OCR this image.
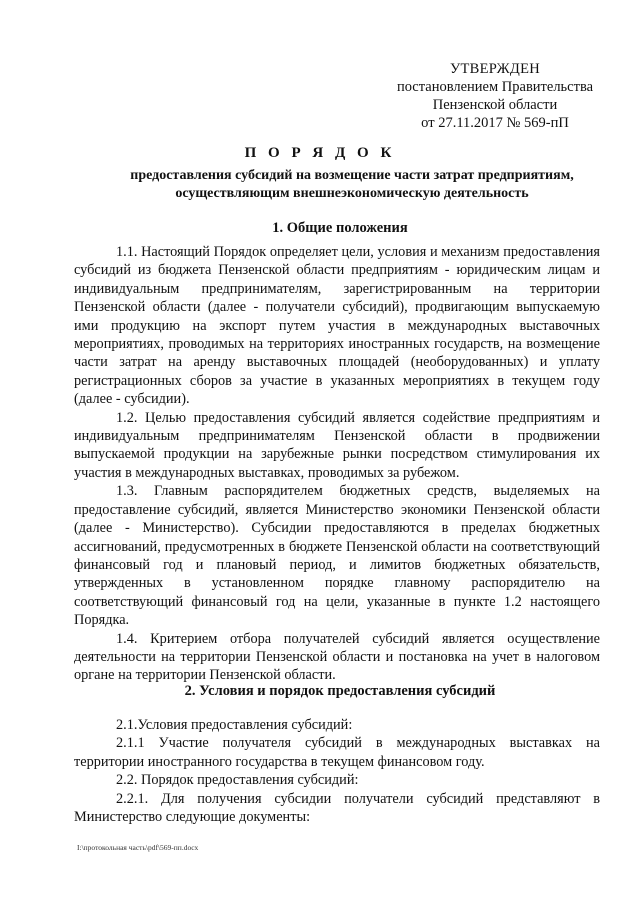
УТВЕРЖДЕН
постановлением Правительства
Пензенской области
от 27.11.2017 № 569-пП
П О Р Я Д О К
предоставления субсидий на возмещение части затрат предприятиям, осуществляющим внешнеэкономическую деятельность
1. Общие положения

1.1. Настоящий Порядок определяет цели, условия и механизм предоставления субсидий из бюджета Пензенской области предприятиям - юридическим лицам и индивидуальным предпринимателям, зарегистрированным на территории Пензенской области (далее - получатели субсидий), продвигающим выпускаемую ими продукцию на экспорт путем участия в международных выставочных мероприятиях, проводимых на территориях иностранных государств, на возмещение части затрат на аренду выставочных площадей (необорудованных) и уплату регистрационных сборов за участие в указанных мероприятиях в текущем году (далее - субсидии).

1.2. Целью предоставления субсидий является содействие предприятиям и индивидуальным предпринимателям Пензенской области в продвижении выпускаемой продукции на зарубежные рынки посредством стимулирования их участия в международных выставках, проводимых за рубежом.

1.3. Главным распорядителем бюджетных средств, выделяемых на предоставление субсидий, является Министерство экономики Пензенской области (далее - Министерство). Субсидии предоставляются в пределах бюджетных ассигнований, предусмотренных в бюджете Пензенской области на соответствующий финансовый год и плановый период, и лимитов бюджетных обязательств, утвержденных в установленном порядке главному распорядителю на соответствующий финансовый год на цели, указанные в пункте 1.2 настоящего Порядка.

1.4. Критерием отбора получателей субсидий является осуществление деятельности на территории Пензенской области и постановка на учет в налоговом органе на территории Пензенской области.

2. Условия и порядок предоставления субсидий

2.1.Условия предоставления субсидий:

2.1.1 Участие получателя субсидий в международных выставках на территории иностранного государства в текущем финансовом году.

2.2. Порядок предоставления субсидий:

2.2.1. Для получения субсидии получатели субсидий представляют в Министерство следующие документы:

I:\протокольная часть\pdf\569-пп.docx
